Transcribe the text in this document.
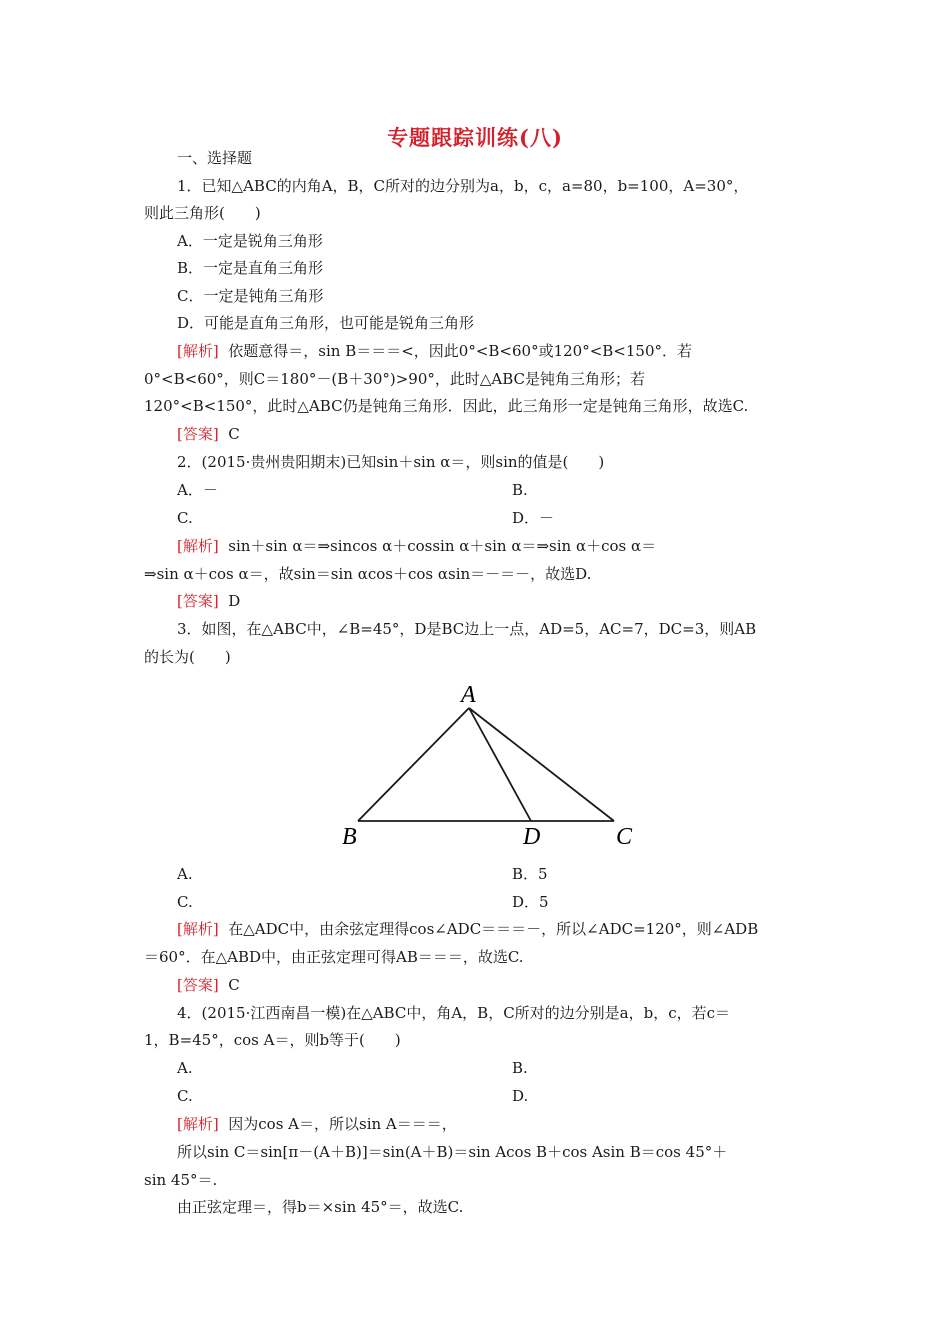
专题跟踪训练(八)
一、选择题
1．已知△ABC的内角A，B，C所对的边分别为a，b，c，a=80，b=100，A=30°，
则此三角形(　　)
A．一定是锐角三角形
B．一定是直角三角形
C．一定是钝角三角形
D．可能是直角三角形，也可能是锐角三角形
[解析] 依题意得＝，sin B＝＝＝<，因此0°<B<60°或120°<B<150°．若
0°<B<60°，则C＝180°－(B＋30°)>90°，此时△ABC是钝角三角形；若
120°<B<150°，此时△ABC仍是钝角三角形．因此，此三角形一定是钝角三角形，故选C.
[答案] C
2．(2015·贵州贵阳期末)已知sin＋sin α＝，则sin的值是(　　)
A．－	B.
C.	D．－
[解析] sin＋sin α＝⇒sincos α＋cossin α＋sin α＝⇒sin α＋cos α＝
⇒sin α＋cos α＝，故sin＝sin αcos＋cos αsin＝－＝－，故选D.
[答案] D
3．如图，在△ABC中，∠B=45°，D是BC边上一点，AD=5，AC=7，DC=3，则AB
的长为(　　)
A
B	D	C
A.	B．5
C.	D．5
[解析] 在△ADC中，由余弦定理得cos∠ADC＝＝＝－，所以∠ADC=120°，则∠ADB
＝60°．在△ABD中，由正弦定理可得AB＝＝＝，故选C.
[答案] C
4．(2015·江西南昌一模)在△ABC中，角A，B，C所对的边分别是a，b，c，若c＝
1，B=45°，cos A＝，则b等于(　　)
A.	B.
C.	D.
[解析] 因为cos A＝，所以sin A＝＝＝，
所以sin C＝sin[π－(A＋B)]＝sin(A＋B)＝sin Acos B＋cos Asin B＝cos 45°＋
sin 45°＝.
由正弦定理＝，得b＝×sin 45°＝，故选C.
